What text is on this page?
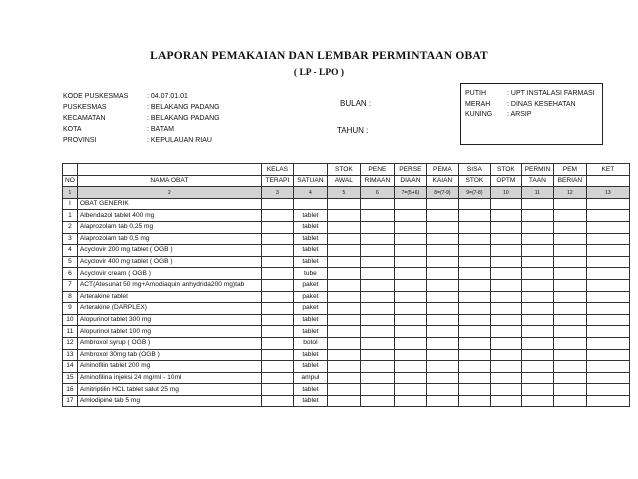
LAPORAN PEMAKAIAN DAN LEMBAR PERMINTAAN OBAT
( LP - LPO )
KODE PUSKESMAS	: 04.07.01.01
PUSKESMAS	: BELAKANG PADANG
KECAMATAN	: BELAKANG PADANG
KOTA	: BATAM
PROVINSI	: KEPULAUAN RIAU
BULAN :
TAHUN :
PUTIH	: UPT INSTALASI FARMASI
MERAH	: DINAS KESEHATAN
KUNING	: ARSIP
		KELAS		STOK	PENE	PERSE	PEMA	SISA	STOK	PERMIN	PEM	KET
NO	NAMA OBAT	TERAPI	SATUAN	AWAL	RIMAAN	DIAAN	KAIAN	STOK	OPTM	TAAN	BERIAN	
1	2	3	4	5	6	7=(5+6)	8=(7-9)	9=(7-8)	10	11	12	13
I	OBAT GENERIK											
1	Albendazol tablet 400 mg		tablet									
2	Alaprozolam tab 0,25 mg		tablet									
3	Alaprozolam tab 0,5 mg		tablet									
4	Acyclovir 200 mg tablet ( OGB )		tablet									
5	Acyclovir 400 mg tablet ( OGB )		tablet									
6	Acyclovir cream ( OGB )		tube									
7	ACT(Atesunat 50 mg+Amodiaquin anhydrida200 mg)tab		paket									
8	Arterakine tablet		paket									
9	Arterakine (DARPLEX)		paket									
10	Alopurinol tablet 300 mg		tablet									
11	Alopurinol tablet 100 mg		tablet									
12	Ambroxol syrup ( OGB )		botol									
13	Ambroxol 30mg tab (OGB )		tablet									
14	Aminofilin tablet 200 mg		tablet									
15	Aminofilina injeksi 24 mg/ml - 10ml		ampul									
16	Amitriptilin HCL tablet salut 25 mg		tablet									
17	Amlodipine tab 5 mg		tablet									
